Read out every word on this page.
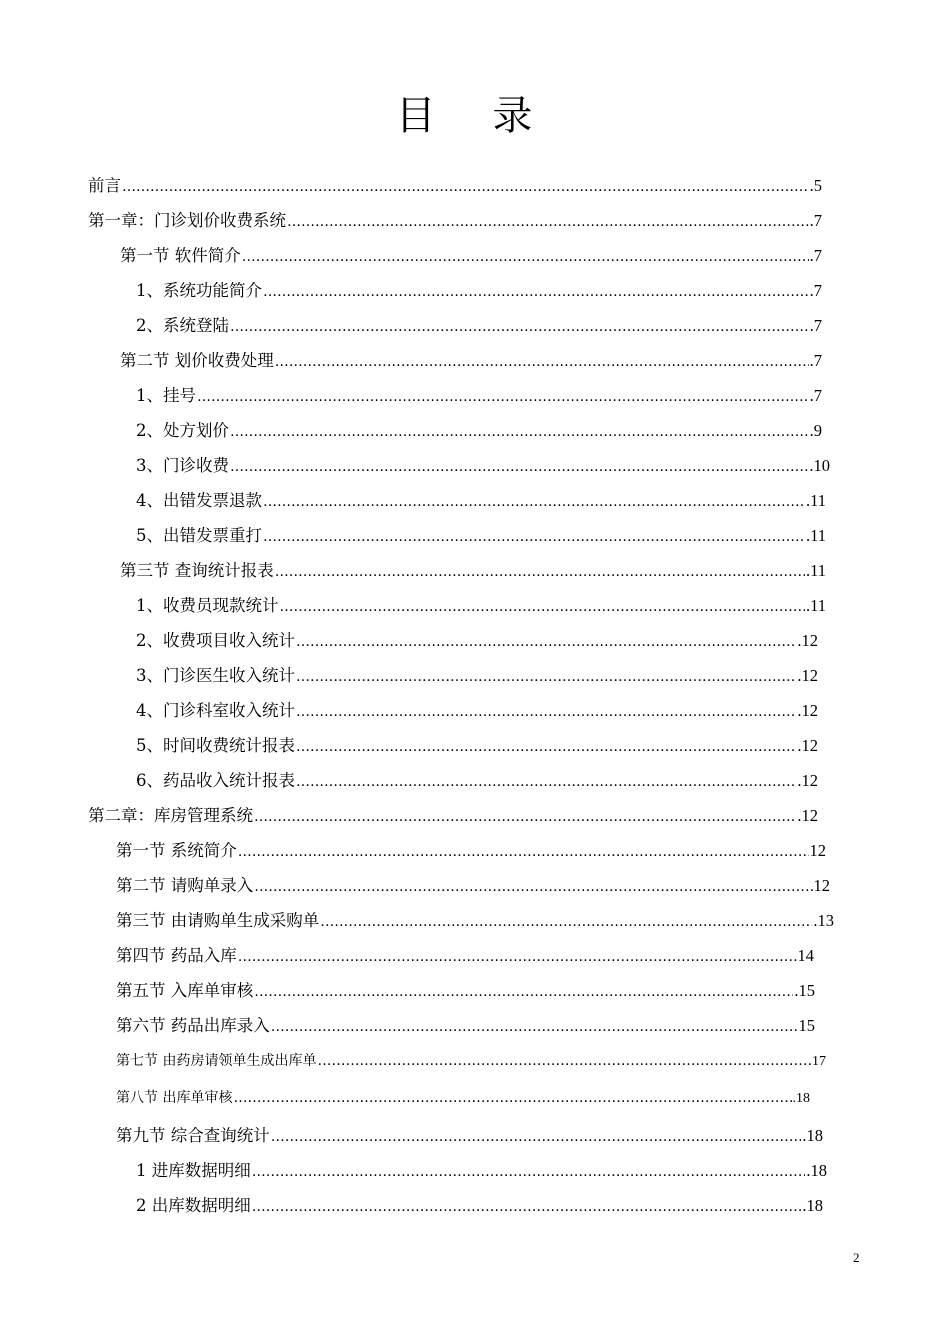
目 录
前言 …………………………………………………………………………………………………………………………………………………………………………………………………………………………………………	.5
第一章：门诊划价收费系统 …………………………………………………………………………………………………………………………………………………………………………………………………………………………………………	.7
第一节 软件简介 …………………………………………………………………………………………………………………………………………………………………………………………………………………………………………	.7
1、系统功能简介 …………………………………………………………………………………………………………………………………………………………………………………………………………………………………………	.7
2、系统登陆 …………………………………………………………………………………………………………………………………………………………………………………………………………………………………………	.7
第二节 划价收费处理 …………………………………………………………………………………………………………………………………………………………………………………………………………………………………………	.7
1、挂号 …………………………………………………………………………………………………………………………………………………………………………………………………………………………………………	.7
2、处方划价 …………………………………………………………………………………………………………………………………………………………………………………………………………………………………………	.9
3、门诊收费 …………………………………………………………………………………………………………………………………………………………………………………………………………………………………………	.10
4、出错发票退款 …………………………………………………………………………………………………………………………………………………………………………………………………………………………………………	.11
5、出错发票重打 …………………………………………………………………………………………………………………………………………………………………………………………………………………………………………	.11
第三节 查询统计报表 …………………………………………………………………………………………………………………………………………………………………………………………………………………………………………	.11
1、收费员现款统计 …………………………………………………………………………………………………………………………………………………………………………………………………………………………………………	.11
2、收费项目收入统计 …………………………………………………………………………………………………………………………………………………………………………………………………………………………………………	.12
3、门诊医生收入统计 …………………………………………………………………………………………………………………………………………………………………………………………………………………………………………	.12
4、门诊科室收入统计 …………………………………………………………………………………………………………………………………………………………………………………………………………………………………………	.12
5、时间收费统计报表 …………………………………………………………………………………………………………………………………………………………………………………………………………………………………………	.12
6、药品收入统计报表 …………………………………………………………………………………………………………………………………………………………………………………………………………………………………………	.12
第二章：库房管理系统 …………………………………………………………………………………………………………………………………………………………………………………………………………………………………………	.12
第一节 系统简介 …………………………………………………………………………………………………………………………………………………………………………………………………………………………………………	12
第二节 请购单录入 …………………………………………………………………………………………………………………………………………………………………………………………………………………………………………	12
第三节 由请购单生成采购单 …………………………………………………………………………………………………………………………………………………………………………………………………………………………………………	.13
第四节 药品入库 …………………………………………………………………………………………………………………………………………………………………………………………………………………………………………	14
第五节 入库单审核 …………………………………………………………………………………………………………………………………………………………………………………………………………………………………………	.15
第六节 药品出库录入 …………………………………………………………………………………………………………………………………………………………………………………………………………………………………………	15
第七节 由药房请领单生成出库单 …………………………………………………………………………………………………………………………………………………………………………………………………………………………………………	17
第八节 出库单审核 …………………………………………………………………………………………………………………………………………………………………………………………………………………………………………	.18
第九节 综合查询统计 …………………………………………………………………………………………………………………………………………………………………………………………………………………………………………	.18
1 进库数据明细 …………………………………………………………………………………………………………………………………………………………………………………………………………………………………………	.18
2 出库数据明细 …………………………………………………………………………………………………………………………………………………………………………………………………………………………………………	.18
2
